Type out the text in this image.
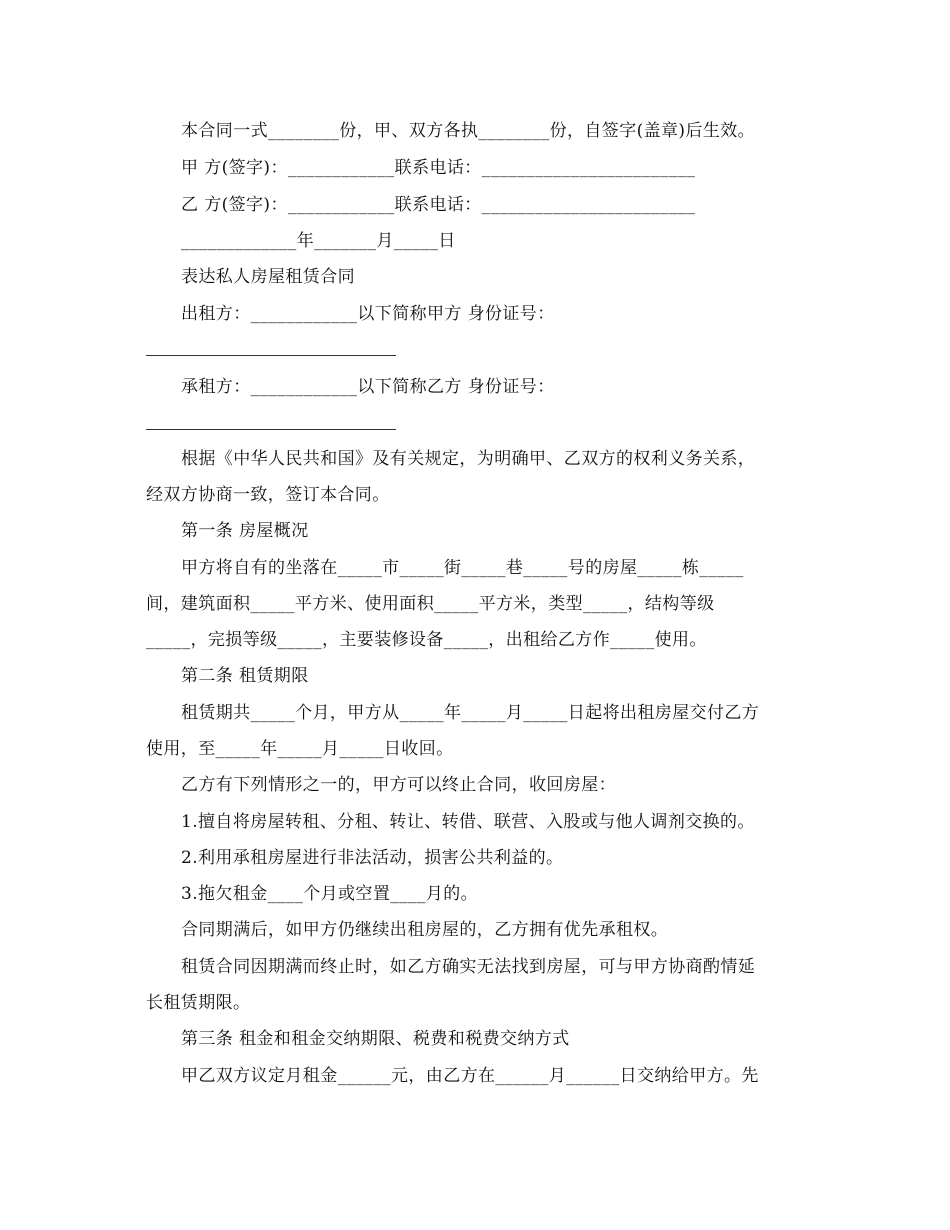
本合同一式________份，甲、双方各执________份，自签字(盖章)后生效。
甲 方(签字)：____________联系电话：________________________
乙 方(签字)：____________联系电话：________________________
_____________年_______月_____日
表达私人房屋租赁合同
出租方：____________以下简称甲方 身份证号：
承租方：____________以下简称乙方 身份证号：
根据《中华人民共和国》及有关规定，为明确甲、乙双方的权利义务关系，
经双方协商一致，签订本合同。
第一条 房屋概况
甲方将自有的坐落在_____市_____街_____巷_____号的房屋_____栋_____
间，建筑面积_____平方米、使用面积_____平方米，类型_____，结构等级
_____，完损等级_____，主要装修设备_____，出租给乙方作_____使用。
第二条 租赁期限
租赁期共_____个月，甲方从_____年_____月_____日起将出租房屋交付乙方
使用，至_____年_____月_____日收回。
乙方有下列情形之一的，甲方可以终止合同，收回房屋：
1.擅自将房屋转租、分租、转让、转借、联营、入股或与他人调剂交换的。
2.利用承租房屋进行非法活动，损害公共利益的。
3.拖欠租金____个月或空置____月的。
合同期满后，如甲方仍继续出租房屋的，乙方拥有优先承租权。
租赁合同因期满而终止时，如乙方确实无法找到房屋，可与甲方协商酌情延
长租赁期限。
第三条 租金和租金交纳期限、税费和税费交纳方式
甲乙双方议定月租金______元，由乙方在______月______日交纳给甲方。先
